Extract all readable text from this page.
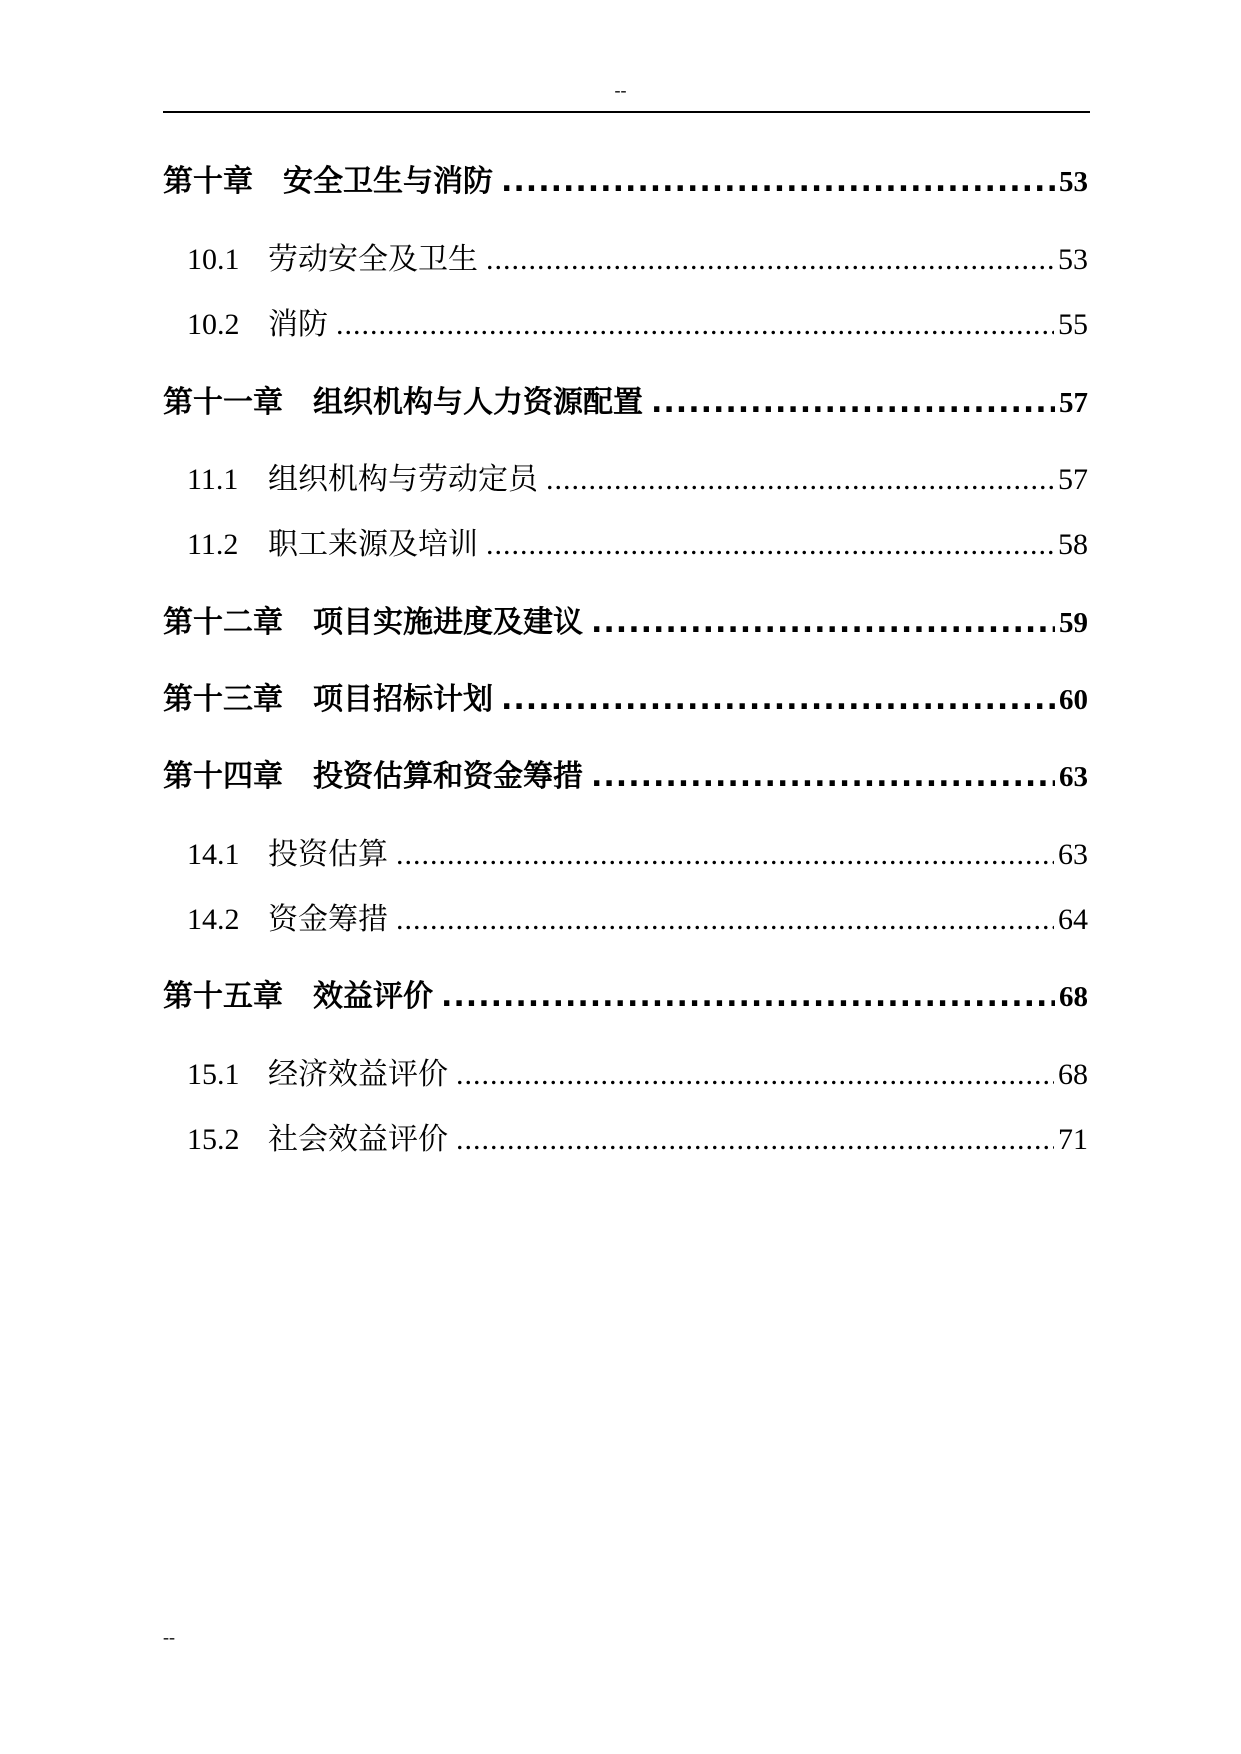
--
第十章 安全卫生与消防 .....	53
10.1 劳动安全及卫生 .....	53
10.2 消防 .....	55
第十一章 组织机构与人力资源配置 .....	57
11.1 组织机构与劳动定员 .....	57
11.2 职工来源及培训 .....	58
第十二章 项目实施进度及建议 .....	59
第十三章 项目招标计划 .....	60
第十四章 投资估算和资金筹措 .....	63
14.1 投资估算 .....	63
14.2 资金筹措 .....	64
第十五章 效益评价 .....	68
15.1 经济效益评价 .....	68
15.2 社会效益评价 .....	71
--
